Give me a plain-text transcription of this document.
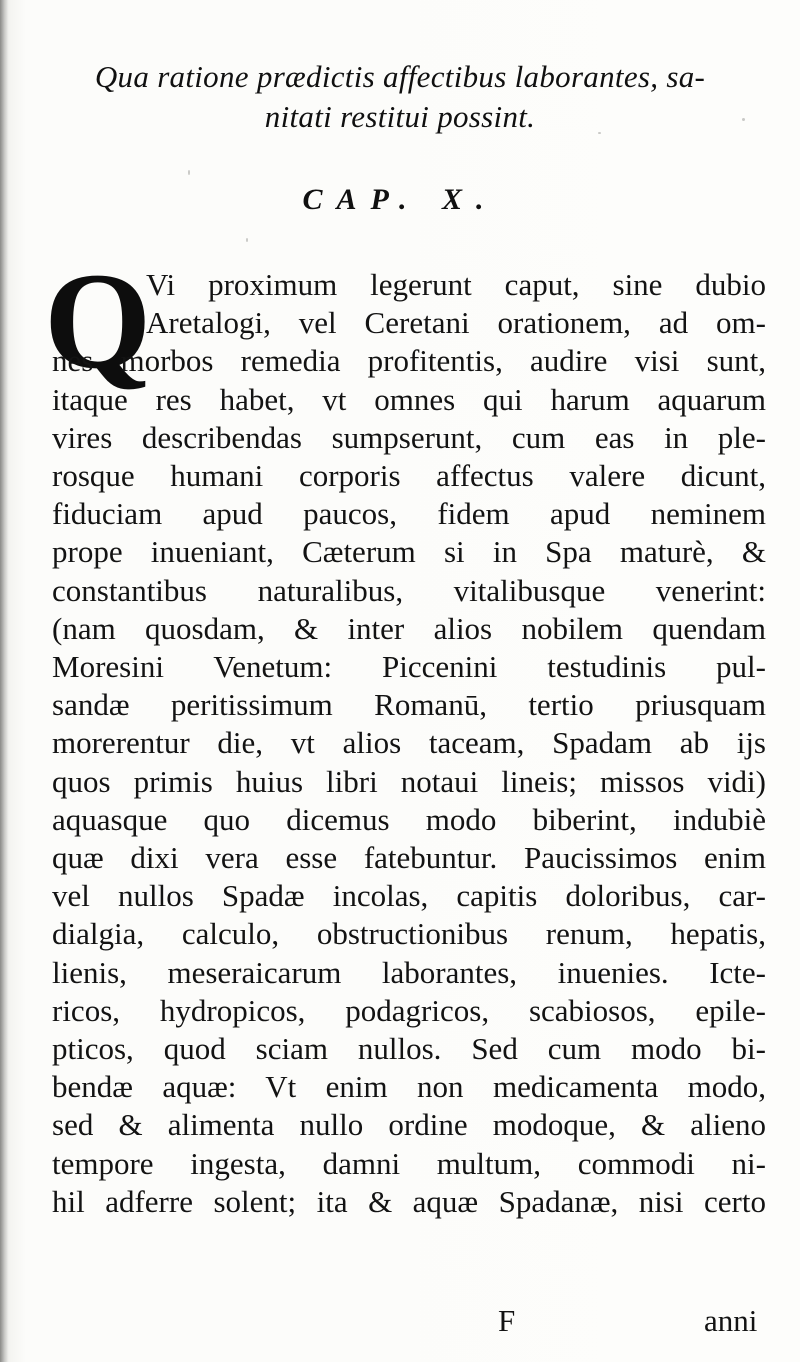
Qua ratione prædictis affectibus laborantes, sa-
nitati restitui possint.
CAP. X.
Q
Vi proximum legerunt caput, sine dubio
Aretalogi, vel Ceretani orationem, ad om-
nes morbos remedia profitentis, audire visi sunt,
itaque res habet, vt omnes qui harum aquarum
vires describendas sumpserunt, cum eas in ple-
rosque humani corporis affectus valere dicunt,
fiduciam apud paucos, fidem apud neminem
prope inueniant, Cæterum si in Spa maturè, &
constantibus naturalibus, vitalibusque venerint:
(nam quosdam, & inter alios nobilem quendam
Moresini Venetum: Piccenini testudinis pul-
sandæ peritissimum Romanū, tertio priusquam
morerentur die, vt alios taceam, Spadam ab ijs
quos primis huius libri notaui lineis; missos vidi)
aquasque quo dicemus modo biberint, indubiè
quæ dixi vera esse fatebuntur. Paucissimos enim
vel nullos Spadæ incolas, capitis doloribus, car-
dialgia, calculo, obstructionibus renum, hepatis,
lienis, meseraicarum laborantes, inuenies. Icte-
ricos, hydropicos, podagricos, scabiosos, epile-
pticos, quod sciam nullos. Sed cum modo bi-
bendæ aquæ: Vt enim non medicamenta modo,
sed & alimenta nullo ordine modoque, & alieno
tempore ingesta, damni multum, commodi ni-
hil adferre solent; ita & aquæ Spadanæ, nisi certo
F	anni
